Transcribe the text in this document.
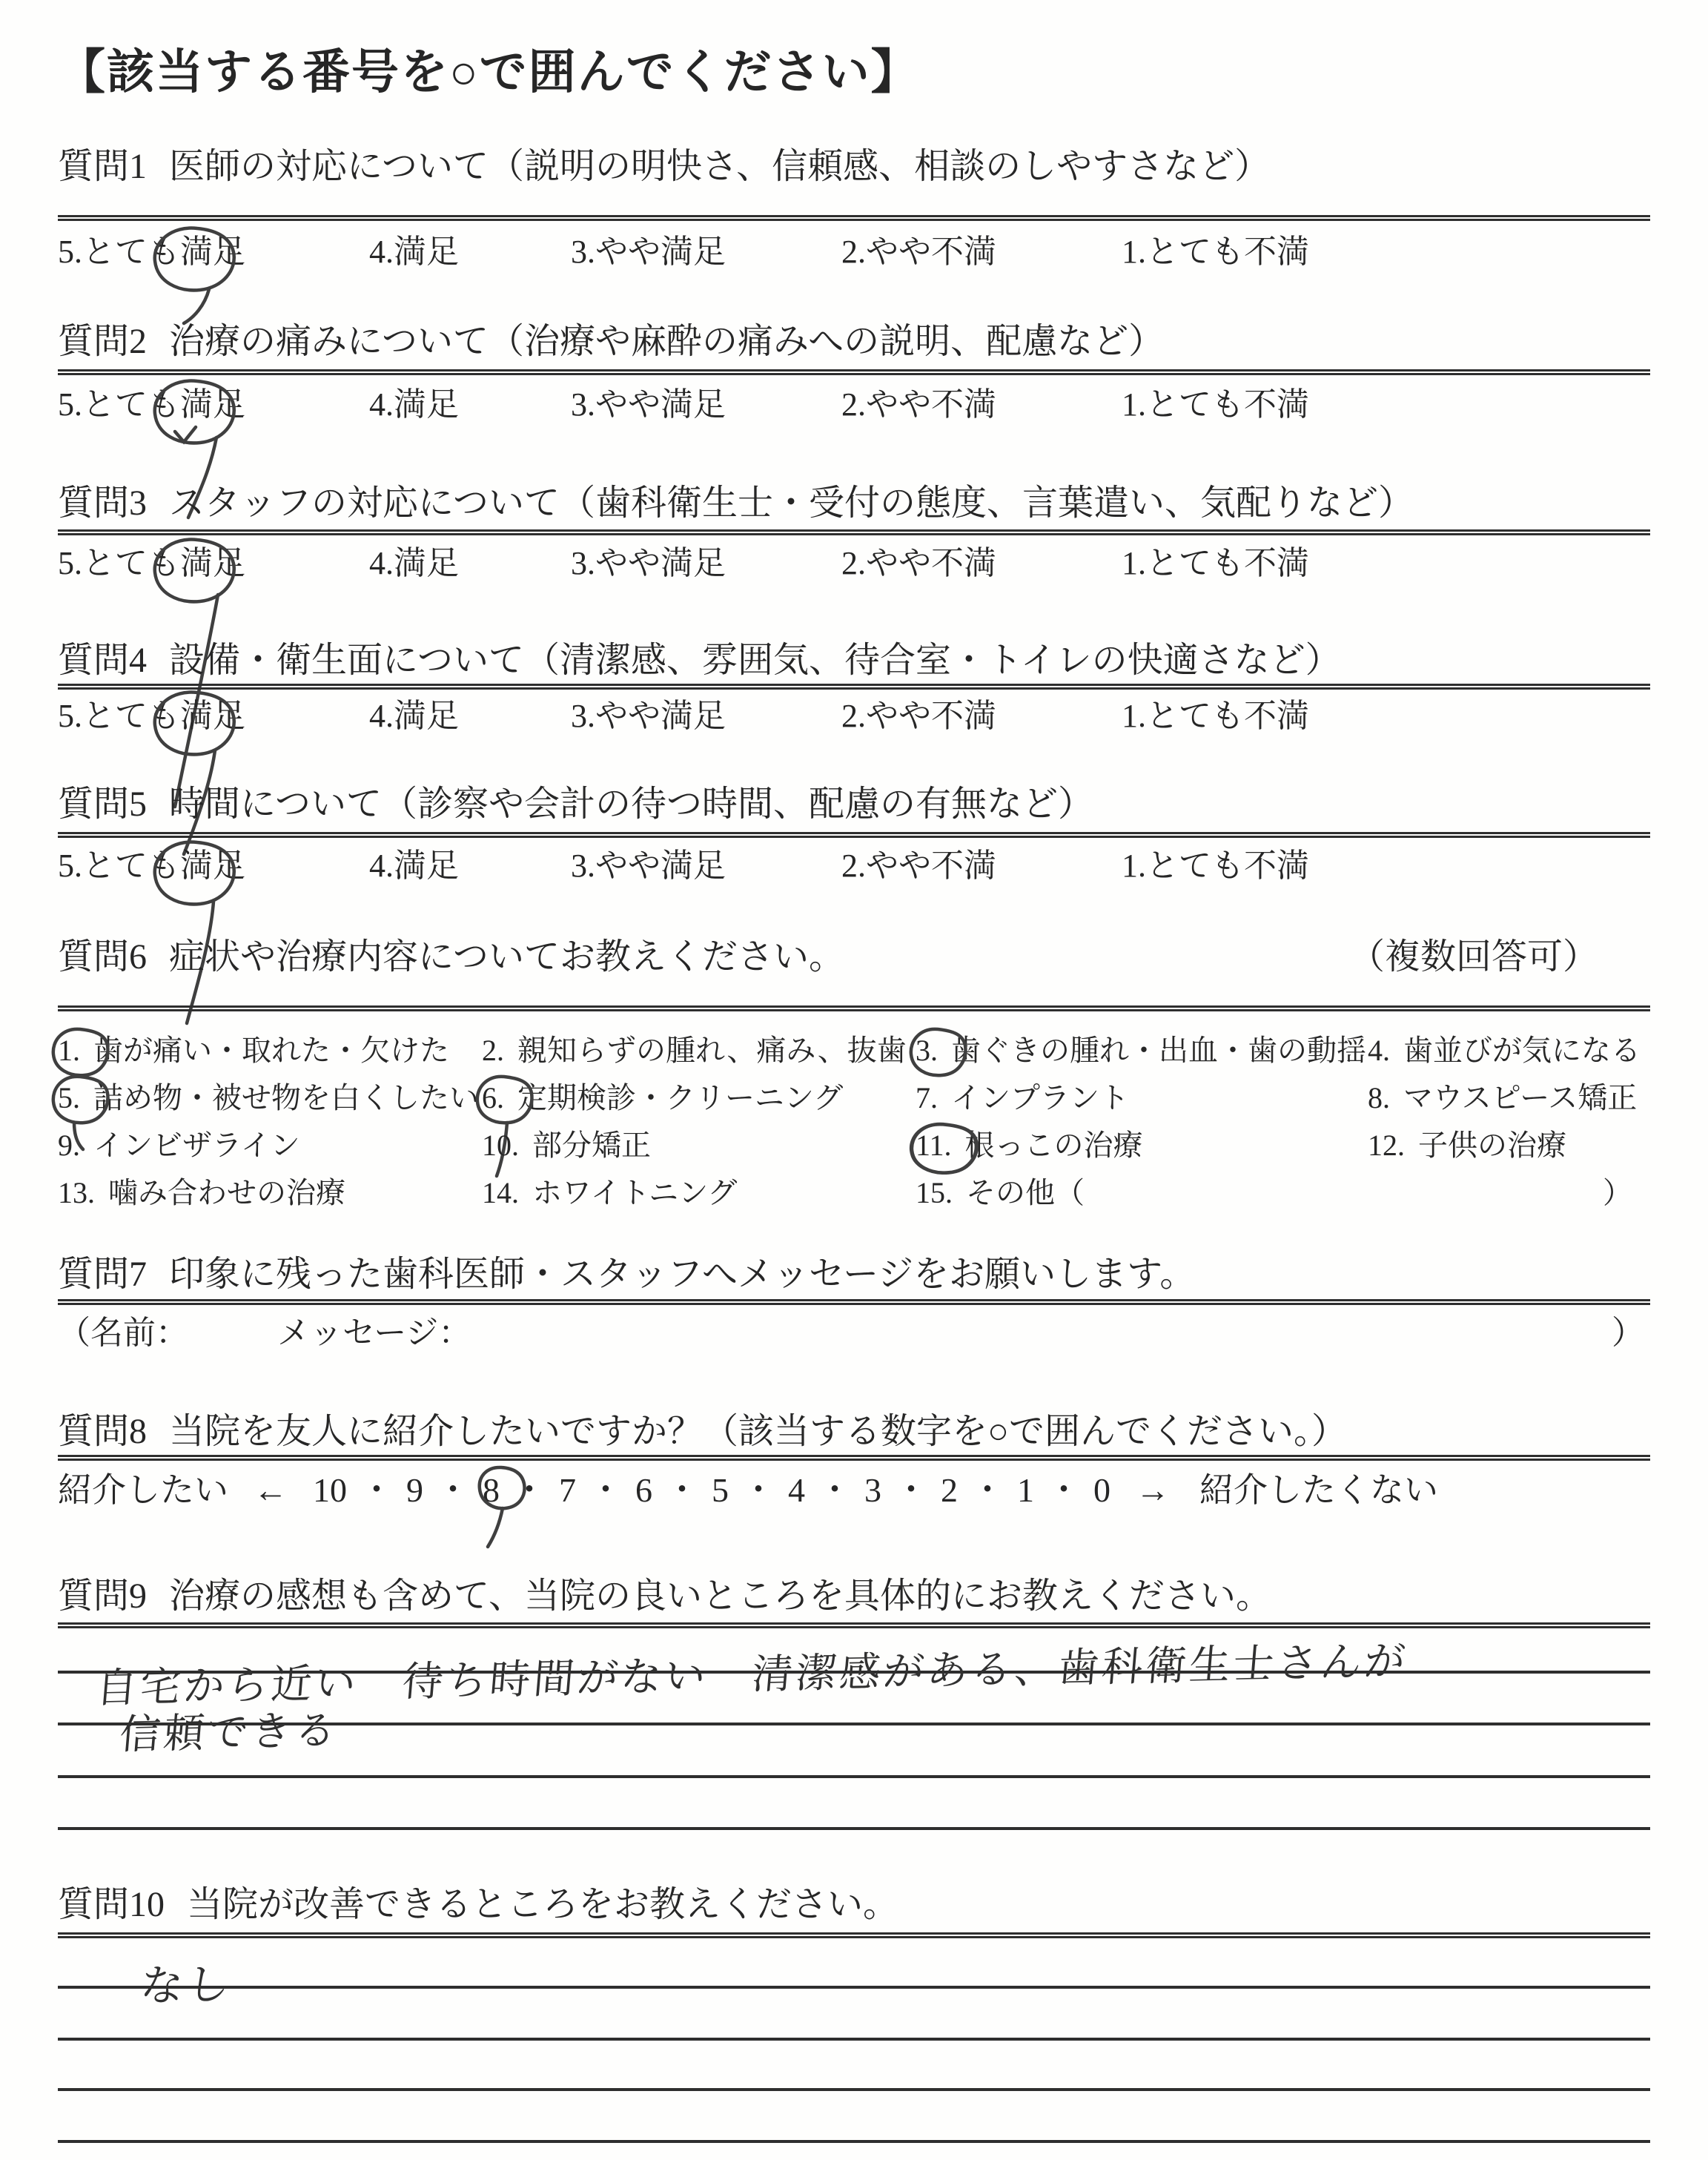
【該当する番号を○で囲んでください】
質問1 医師の対応について（説明の明快さ、信頼感、相談のしやすさなど）
5.とても満足	4.満足	3.やや満足	2.やや不満	1.とても不満
質問2 治療の痛みについて（治療や麻酔の痛みへの説明、配慮など）
5.とても満足	4.満足	3.やや満足	2.やや不満	1.とても不満
質問3 スタッフの対応について（歯科衛生士・受付の態度、言葉遣い、気配りなど）
5.とても満足	4.満足	3.やや満足	2.やや不満	1.とても不満
質問4 設備・衛生面について（清潔感、雰囲気、待合室・トイレの快適さなど）
5.とても満足	4.満足	3.やや満足	2.やや不満	1.とても不満
質問5 時間について（診察や会計の待つ時間、配慮の有無など）
5.とても満足	4.満足	3.やや満足	2.やや不満	1.とても不満
質問6 症状や治療内容についてお教えください。	（複数回答可）
1. 歯が痛い・取れた・欠けた	2. 親知らずの腫れ、痛み、抜歯 3. 歯ぐきの腫れ・出血・歯の動揺 4. 歯並びが気になる
5. 詰め物・被せ物を白くしたい 6. 定期検診・クリーニング	7. インプラント	8. マウスピース矯正
9. インビザライン	10. 部分矯正	11. 根っこの治療	12. 子供の治療
13. 噛み合わせの治療	14. ホワイトニング	15. その他（	）
質問7 印象に残った歯科医師・スタッフへメッセージをお願いします。
（名前：	メッセージ：	）
質問8 当院を友人に紹介したいですか？（該当する数字を○で囲んでください。）
紹介したい ← 10 ・ 9 ・ 8 ・ 7 ・ 6 ・ 5 ・ 4 ・ 3 ・ 2 ・ 1 ・ 0 → 紹介したくない
質問9 治療の感想も含めて、当院の良いところを具体的にお教えください。
自宅から近い　待ち時間がない　清潔感がある、歯科衛生士さんが
信頼できる
質問10 当院が改善できるところをお教えください。
なし
